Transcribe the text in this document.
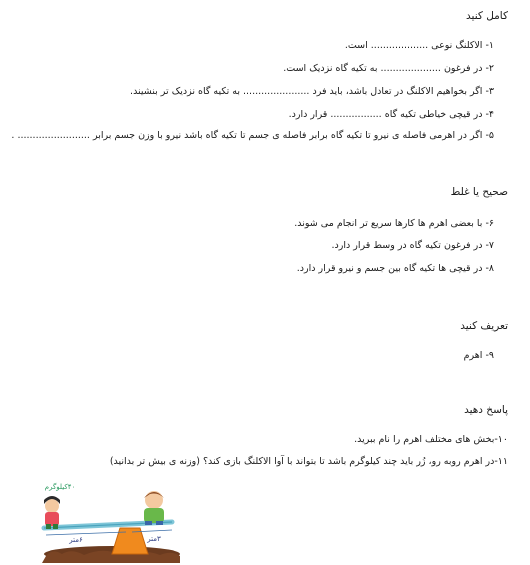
کامل کنید
۱- الاکلنگ نوعی ................... است.
۲- در فرغون .................... به تکیه گاه نزدیک است.
۳- اگر بخواهیم الاکلنگ در تعادل باشد، باید فرد ...................... به تکیه گاه نزدیک تر بنشیند.
۴- در قیچی خیاطی تکیه گاه ................. قرار دارد.
۵- اگر در اهرمی فاصله ی نیرو تا تکیه گاه برابر فاصله ی جسم تا تکیه گاه باشد نیرو با وزن جسم برابر ........................ .
صحیح یا غلط
۶- با بعضی اهرم ها کارها سریع تر انجام می شوند.
۷- در فرغون تکیه گاه در وسط قرار دارد.
۸- در قیچی ها تکیه گاه بین جسم و نیرو قرار دارد.
تعریف کنید
۹- اهرم
پاسخ دهید
۱۰-بخش های مختلف اهرم را نام ببرید.
۱۱-در اهرم روبه رو، زُر باید چند کیلوگرم باشد تا بتواند با آوا الاکلنگ بازی کند؟ (وزنه ی بیش تر بدانید)
۴۰کیلوگرم
۶متر	۳متر
